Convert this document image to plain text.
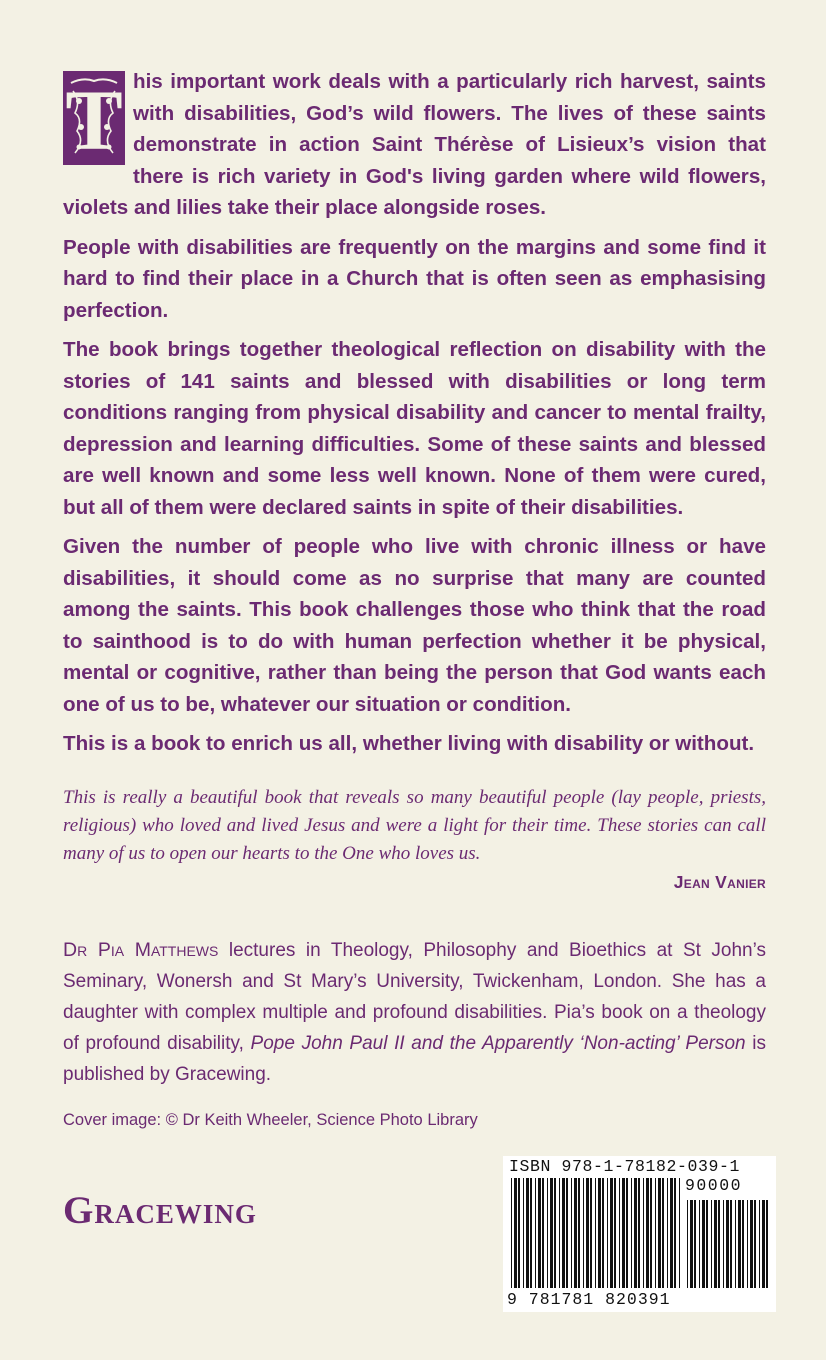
T his important work deals with a particularly rich harvest, saints with disabilities, God’s wild flowers. The lives of these saints demonstrate in action Saint Thérèse of Lisieux’s vision that there is rich variety in God's living garden where wild flowers, violets and lilies take their place alongside roses.

People with disabilities are frequently on the margins and some find it hard to find their place in a Church that is often seen as emphasising perfection.

The book brings together theological reflection on disability with the stories of 141 saints and blessed with disabilities or long term conditions ranging from physical disability and cancer to mental frailty, depression and learning difficulties. Some of these saints and blessed are well known and some less well known. None of them were cured, but all of them were declared saints in spite of their disabilities.

Given the number of people who live with chronic illness or have disabilities, it should come as no surprise that many are counted among the saints. This book challenges those who think that the road to sainthood is to do with human perfection whether it be physical, mental or cognitive, rather than being the person that God wants each one of us to be, whatever our situation or condition.

This is a book to enrich us all, whether living with disability or without.

This is really a beautiful book that reveals so many beautiful people (lay people, priests, religious) who loved and lived Jesus and were a light for their time. These stories can call many of us to open our hearts to the One who loves us.
Jean Vanier
Dr Pia Matthews lectures in Theology, Philosophy and Bioethics at St John’s Seminary, Wonersh and St Mary’s University, Twickenham, London. She has a daughter with complex multiple and profound disabilities. Pia’s book on a theology of profound disability, Pope John Paul II and the Apparently ‘Non-acting’ Person is published by Gracewing.
Cover image: © Dr Keith Wheeler, Science Photo Library
Gracewing
ISBN 978-1-78182-039-1
90000
9 781781 820391
